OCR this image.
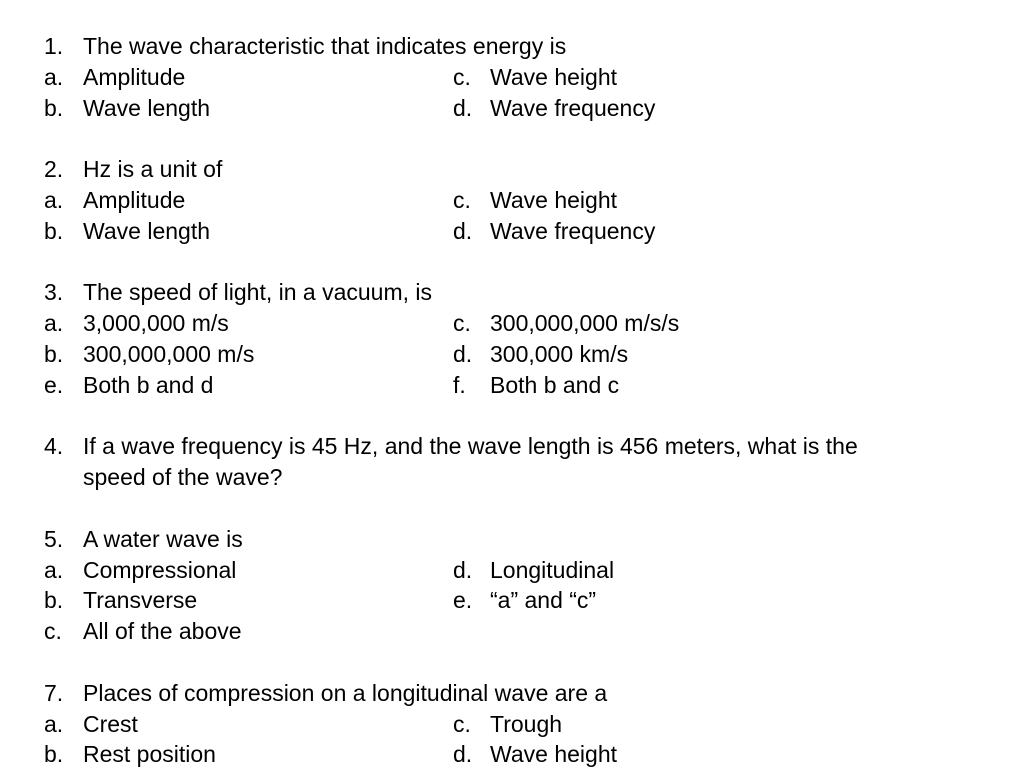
1. The wave characteristic that indicates energy is
a. Amplitude	c. Wave height
b. Wave length	d. Wave frequency
2. Hz is a unit of
a. Amplitude	c. Wave height
b. Wave length	d. Wave frequency
3. The speed of light, in a vacuum, is
a. 3,000,000 m/s	c. 300,000,000 m/s/s
b. 300,000,000 m/s	d. 300,000 km/s
e. Both b and d	f. Both b and c
4. If a wave frequency is 45 Hz, and the wave length is 456 meters, what is the
speed of the wave?
5. A water wave is
a. Compressional	d. Longitudinal
b. Transverse	e. “a” and “c”
c. All of the above
7. Places of compression on a longitudinal wave are a
a. Crest	c. Trough
b. Rest position	d. Wave height
